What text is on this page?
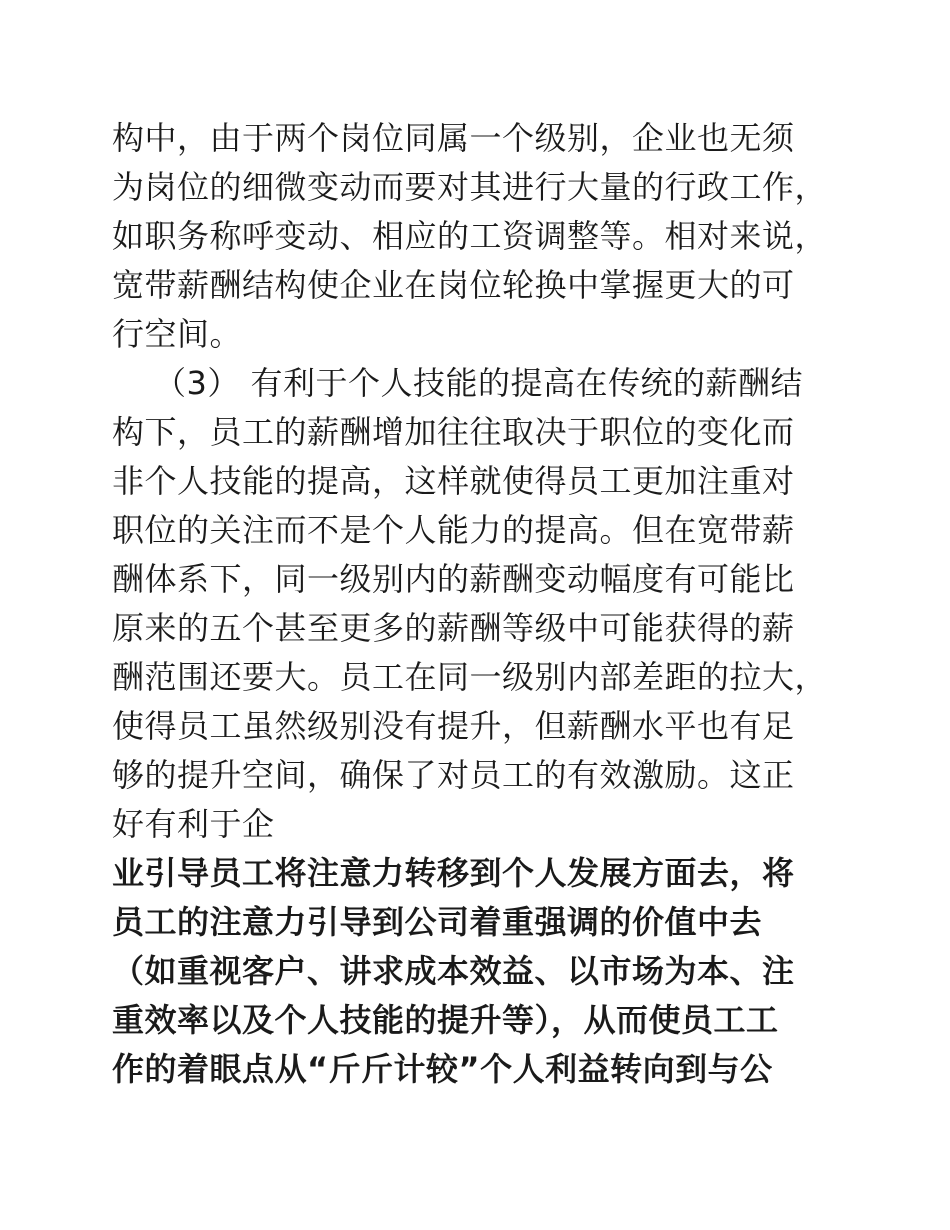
构中，由于两个岗位同属一个级别，企业也无须
为岗位的细微变动而要对其进行大量的行政工作，
如职务称呼变动、相应的工资调整等。相对来说，
宽带薪酬结构使企业在岗位轮换中掌握更大的可
行空间。
（3） 有利于个人技能的提高在传统的薪酬结
构下，员工的薪酬增加往往取决于职位的变化而
非个人技能的提高，这样就使得员工更加注重对
职位的关注而不是个人能力的提高。但在宽带薪
酬体系下，同一级别内的薪酬变动幅度有可能比
原来的五个甚至更多的薪酬等级中可能获得的薪
酬范围还要大。员工在同一级别内部差距的拉大，
使得员工虽然级别没有提升，但薪酬水平也有足
够的提升空间，确保了对员工的有效激励。这正
好有利于企
业引导员工将注意力转移到个人发展方面去，将
员工的注意力引导到公司着重强调的价值中去
（如重视客户、讲求成本效益、以市场为本、注
重效率以及个人技能的提升等），从而使员工工
作的着眼点从“斤斤计较”个人利益转向到与公
